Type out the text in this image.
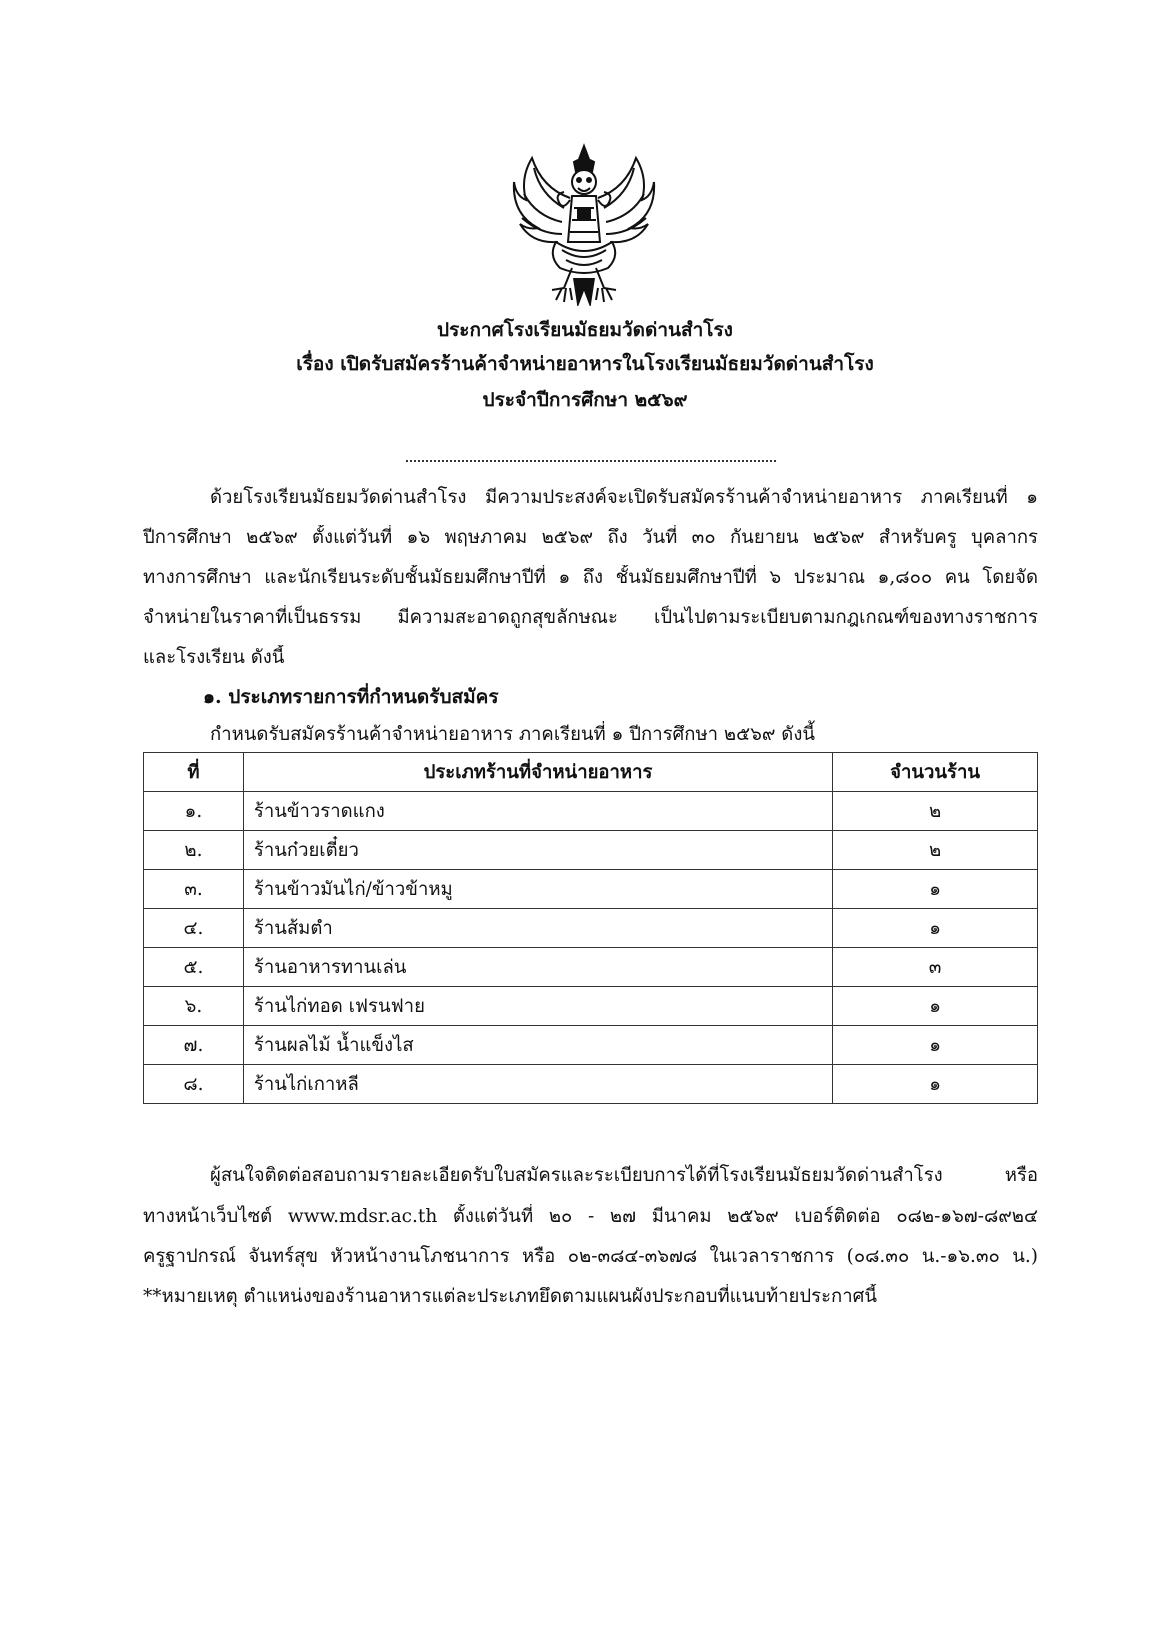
ประกาศโรงเรียนมัธยมวัดด่านสำโรง
เรื่อง เปิดรับสมัครร้านค้าจำหน่ายอาหารในโรงเรียนมัธยมวัดด่านสำโรง
ประจำปีการศึกษา ๒๕๖๙
ด้วยโรงเรียนมัธยมวัดด่านสำโรง มีความประสงค์จะเปิดรับสมัครร้านค้าจำหน่ายอาหาร ภาคเรียนที่ ๑
ปีการศึกษา ๒๕๖๙ ตั้งแต่วันที่ ๑๖ พฤษภาคม ๒๕๖๙ ถึง วันที่ ๓๐ กันยายน ๒๕๖๙ สำหรับครู บุคลากร
ทางการศึกษา และนักเรียนระดับชั้นมัธยมศึกษาปีที่ ๑ ถึง ชั้นมัธยมศึกษาปีที่ ๖ ประมาณ ๑,๘๐๐ คน โดยจัด
จำหน่ายในราคาที่เป็นธรรม มีความสะอาดถูกสุขลักษณะ เป็นไปตามระเบียบตามกฎเกณฑ์ของทางราชการ
และโรงเรียน ดังนี้
๑. ประเภทรายการที่กำหนดรับสมัคร
กำหนดรับสมัครร้านค้าจำหน่ายอาหาร ภาคเรียนที่ ๑ ปีการศึกษา ๒๕๖๙ ดังนี้
ที่	ประเภทร้านที่จำหน่ายอาหาร	จำนวนร้าน
๑.	ร้านข้าวราดแกง	๒
๒.	ร้านก๋วยเตี๋ยว	๒
๓.	ร้านข้าวมันไก่/ข้าวข้าหมู	๑
๔.	ร้านส้มตำ	๑
๕.	ร้านอาหารทานเล่น	๓
๖.	ร้านไก่ทอด เฟรนฟาย	๑
๗.	ร้านผลไม้ น้ำแข็งไส	๑
๘.	ร้านไก่เกาหลี	๑
ผู้สนใจติดต่อสอบถามรายละเอียดรับใบสมัครและระเบียบการได้ที่โรงเรียนมัธยมวัดด่านสำโรง หรือ
ทางหน้าเว็บไซต์ www.mdsr.ac.th ตั้งแต่วันที่ ๒๐ - ๒๗ มีนาคม ๒๕๖๙ เบอร์ติดต่อ ๐๘๒-๑๖๗-๘๙๒๔
ครูฐาปกรณ์ จันทร์สุข หัวหน้างานโภชนาการ หรือ ๐๒-๓๘๔-๓๖๗๘ ในเวลาราชการ (๐๘.๓๐ น.-๑๖.๓๐ น.)
**หมายเหตุ ตำแหน่งของร้านอาหารแต่ละประเภทยึดตามแผนผังประกอบที่แนบท้ายประกาศนี้
